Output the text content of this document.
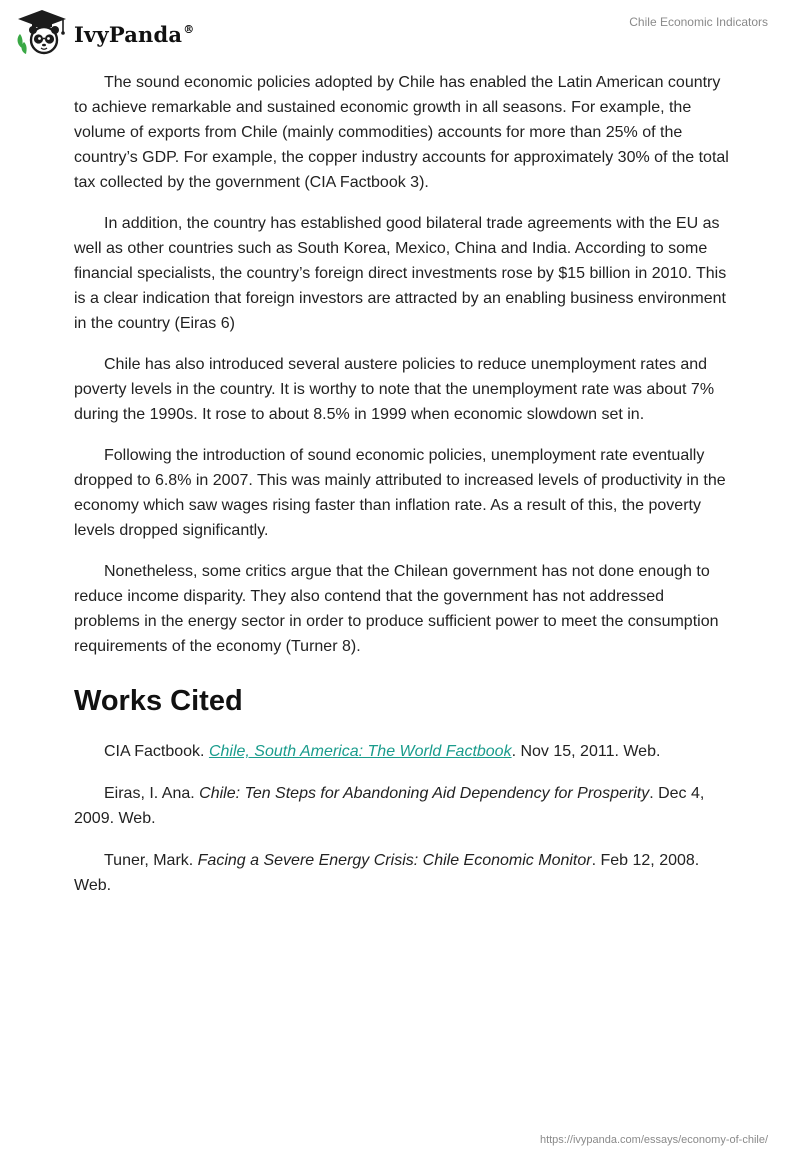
IvyPanda®	Chile Economic Indicators

The sound economic policies adopted by Chile has enabled the Latin American country to achieve remarkable and sustained economic growth in all seasons. For example, the volume of exports from Chile (mainly commodities) accounts for more than 25% of the country’s GDP. For example, the copper industry accounts for approximately 30% of the total tax collected by the government (CIA Factbook 3).

In addition, the country has established good bilateral trade agreements with the EU as well as other countries such as South Korea, Mexico, China and India. According to some financial specialists, the country’s foreign direct investments rose by $15 billion in 2010. This is a clear indication that foreign investors are attracted by an enabling business environment in the country (Eiras 6)

Chile has also introduced several austere policies to reduce unemployment rates and poverty levels in the country. It is worthy to note that the unemployment rate was about 7% during the 1990s. It rose to about 8.5% in 1999 when economic slowdown set in.

Following the introduction of sound economic policies, unemployment rate eventually dropped to 6.8% in 2007. This was mainly attributed to increased levels of productivity in the economy which saw wages rising faster than inflation rate. As a result of this, the poverty levels dropped significantly.

Nonetheless, some critics argue that the Chilean government has not done enough to reduce income disparity. They also contend that the government has not addressed problems in the energy sector in order to produce sufficient power to meet the consumption requirements of the economy (Turner 8).

Works Cited

CIA Factbook. Chile, South America: The World Factbook. Nov 15, 2011. Web.

Eiras, I. Ana. Chile: Ten Steps for Abandoning Aid Dependency for Prosperity. Dec 4, 2009. Web.

Tuner, Mark. Facing a Severe Energy Crisis: Chile Economic Monitor. Feb 12, 2008. Web.

https://ivypanda.com/essays/economy-of-chile/
